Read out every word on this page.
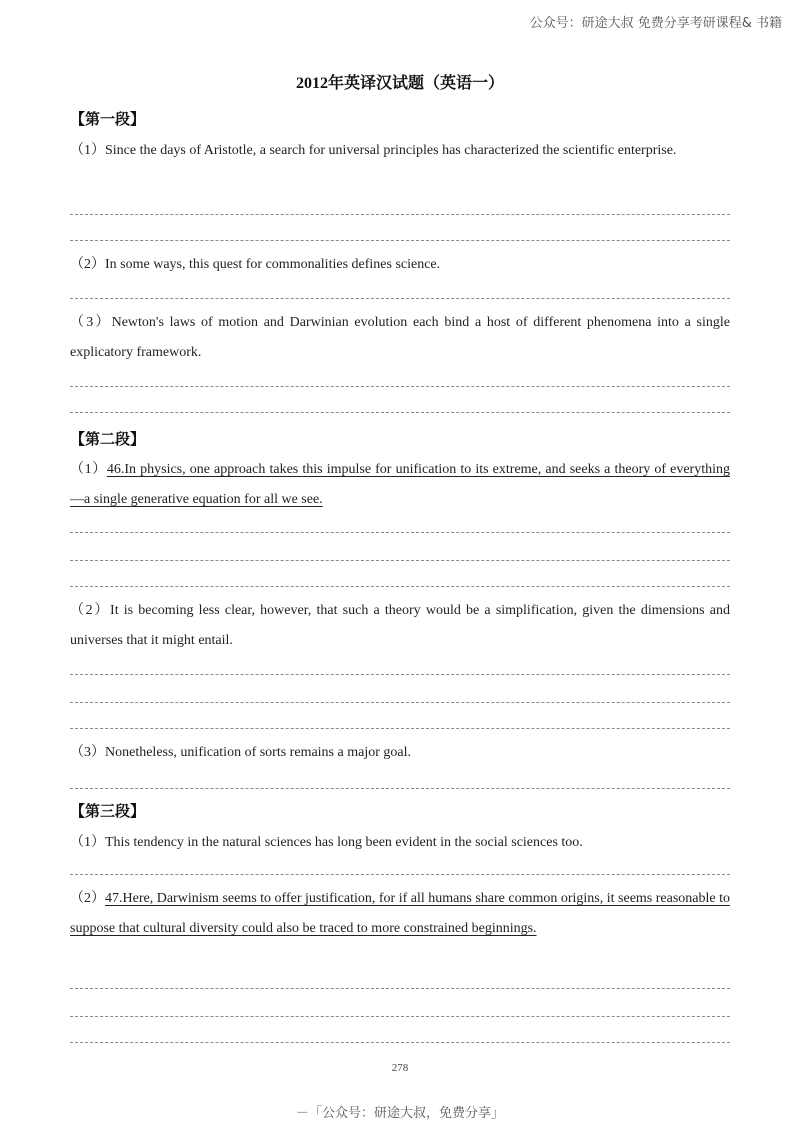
公众号：研途大叔 免费分享考研课程& 书籍
2012年英译汉试题（英语一）
【第一段】
（1）Since the days of Aristotle, a search for universal principles has characterized the scientific enterprise.
（2）In some ways, this quest for commonalities defines science.
（3）Newton's laws of motion and Darwinian evolution each bind a host of different phenomena into a single explicatory framework.
【第二段】
（1）46.In physics, one approach takes this impulse for unification to its extreme, and seeks a theory of everything—a single generative equation for all we see.
（2）It is becoming less clear, however, that such a theory would be a simplification, given the dimensions and universes that it might entail.
（3）Nonetheless, unification of sorts remains a major goal.
【第三段】
（1）This tendency in the natural sciences has long been evident in the social sciences too.
（2）47.Here, Darwinism seems to offer justification, for if all humans share common origins, it seems reasonable to suppose that cultural diversity could also be traced to more constrained beginnings.
278
－「公众号：研途大叔，免费分享」
